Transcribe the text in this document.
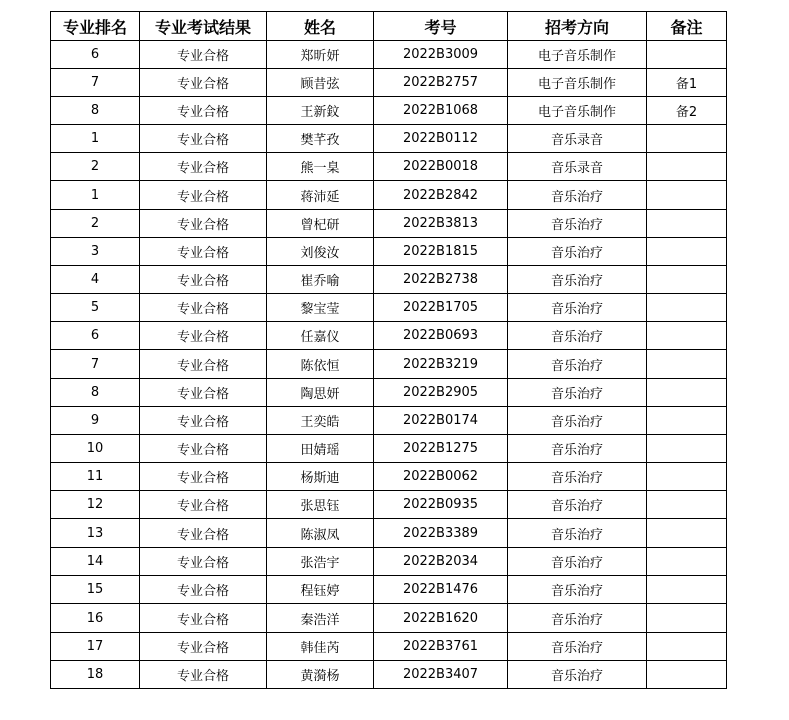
专业排名	专业考试结果	姓名	考号	招考方向	备注
6	专业合格	郑昕妍	2022B3009	电子音乐制作	
7	专业合格	顾昔弦	2022B2757	电子音乐制作	备1
8	专业合格	王新鈫	2022B1068	电子音乐制作	备2
1	专业合格	樊芊孜	2022B0112	音乐录音	
2	专业合格	熊一臬	2022B0018	音乐录音	
1	专业合格	蒋沛延	2022B2842	音乐治疗	
2	专业合格	曾杞研	2022B3813	音乐治疗	
3	专业合格	刘俊汝	2022B1815	音乐治疗	
4	专业合格	崔乔喻	2022B2738	音乐治疗	
5	专业合格	黎宝莹	2022B1705	音乐治疗	
6	专业合格	任嘉仪	2022B0693	音乐治疗	
7	专业合格	陈依恒	2022B3219	音乐治疗	
8	专业合格	陶思妍	2022B2905	音乐治疗	
9	专业合格	王奕皓	2022B0174	音乐治疗	
10	专业合格	田婧瑶	2022B1275	音乐治疗	
11	专业合格	杨斯迪	2022B0062	音乐治疗	
12	专业合格	张思钰	2022B0935	音乐治疗	
13	专业合格	陈淑凤	2022B3389	音乐治疗	
14	专业合格	张浩宇	2022B2034	音乐治疗	
15	专业合格	程钰婷	2022B1476	音乐治疗	
16	专业合格	秦浩洋	2022B1620	音乐治疗	
17	专业合格	韩佳芮	2022B3761	音乐治疗	
18	专业合格	黄漪杨	2022B3407	音乐治疗	
